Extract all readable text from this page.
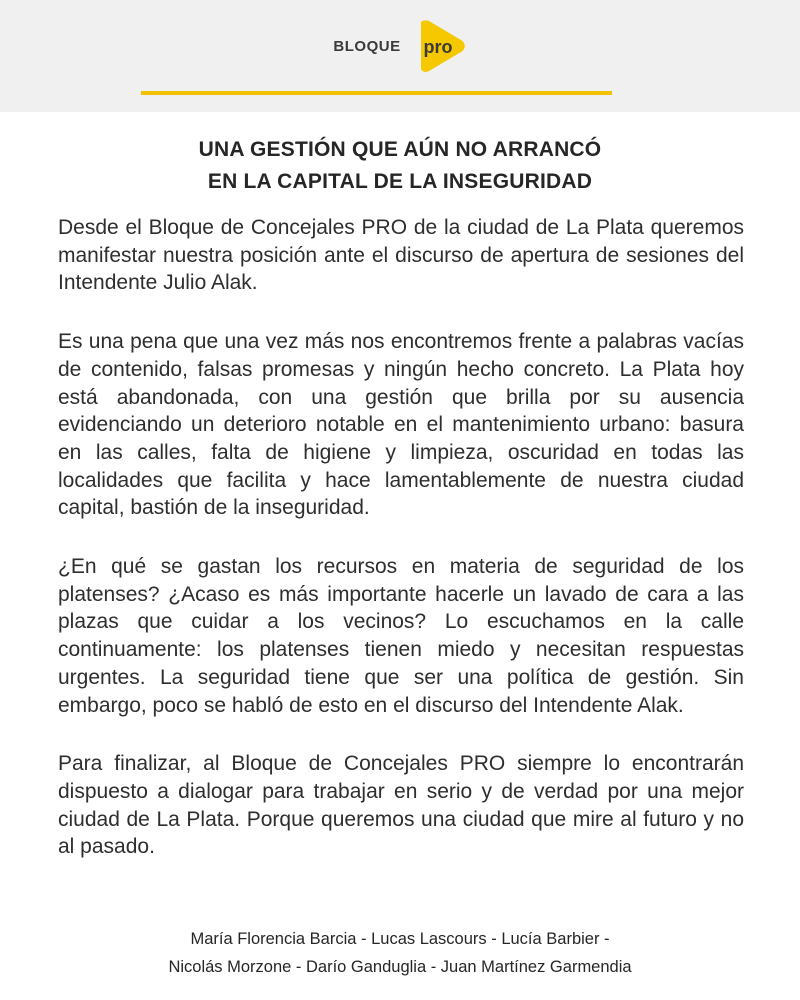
BLOQUE pro
UNA GESTIÓN QUE AÚN NO ARRANCÓ
EN LA CAPITAL DE LA INSEGURIDAD

Desde el Bloque de Concejales PRO de la ciudad de La Plata queremos manifestar nuestra posición ante el discurso de apertura de sesiones del Intendente Julio Alak.

Es una pena que una vez más nos encontremos frente a palabras vacías de contenido, falsas promesas y ningún hecho concreto. La Plata hoy está abandonada, con una gestión que brilla por su ausencia evidenciando un deterioro notable en el mantenimiento urbano: basura en las calles, falta de higiene y limpieza, oscuridad en todas las localidades que facilita y hace lamentablemente de nuestra ciudad capital, bastión de la inseguridad.

¿En qué se gastan los recursos en materia de seguridad de los platenses? ¿Acaso es más importante hacerle un lavado de cara a las plazas que cuidar a los vecinos? Lo escuchamos en la calle continuamente: los platenses tienen miedo y necesitan respuestas urgentes. La seguridad tiene que ser una política de gestión. Sin embargo, poco se habló de esto en el discurso del Intendente Alak.

Para finalizar, al Bloque de Concejales PRO siempre lo encontrarán dispuesto a dialogar para trabajar en serio y de verdad por una mejor ciudad de La Plata. Porque queremos una ciudad que mire al futuro y no al pasado.

María Florencia Barcia - Lucas Lascours - Lucía Barbier -
Nicolás Morzone - Darío Ganduglia - Juan Martínez Garmendia
